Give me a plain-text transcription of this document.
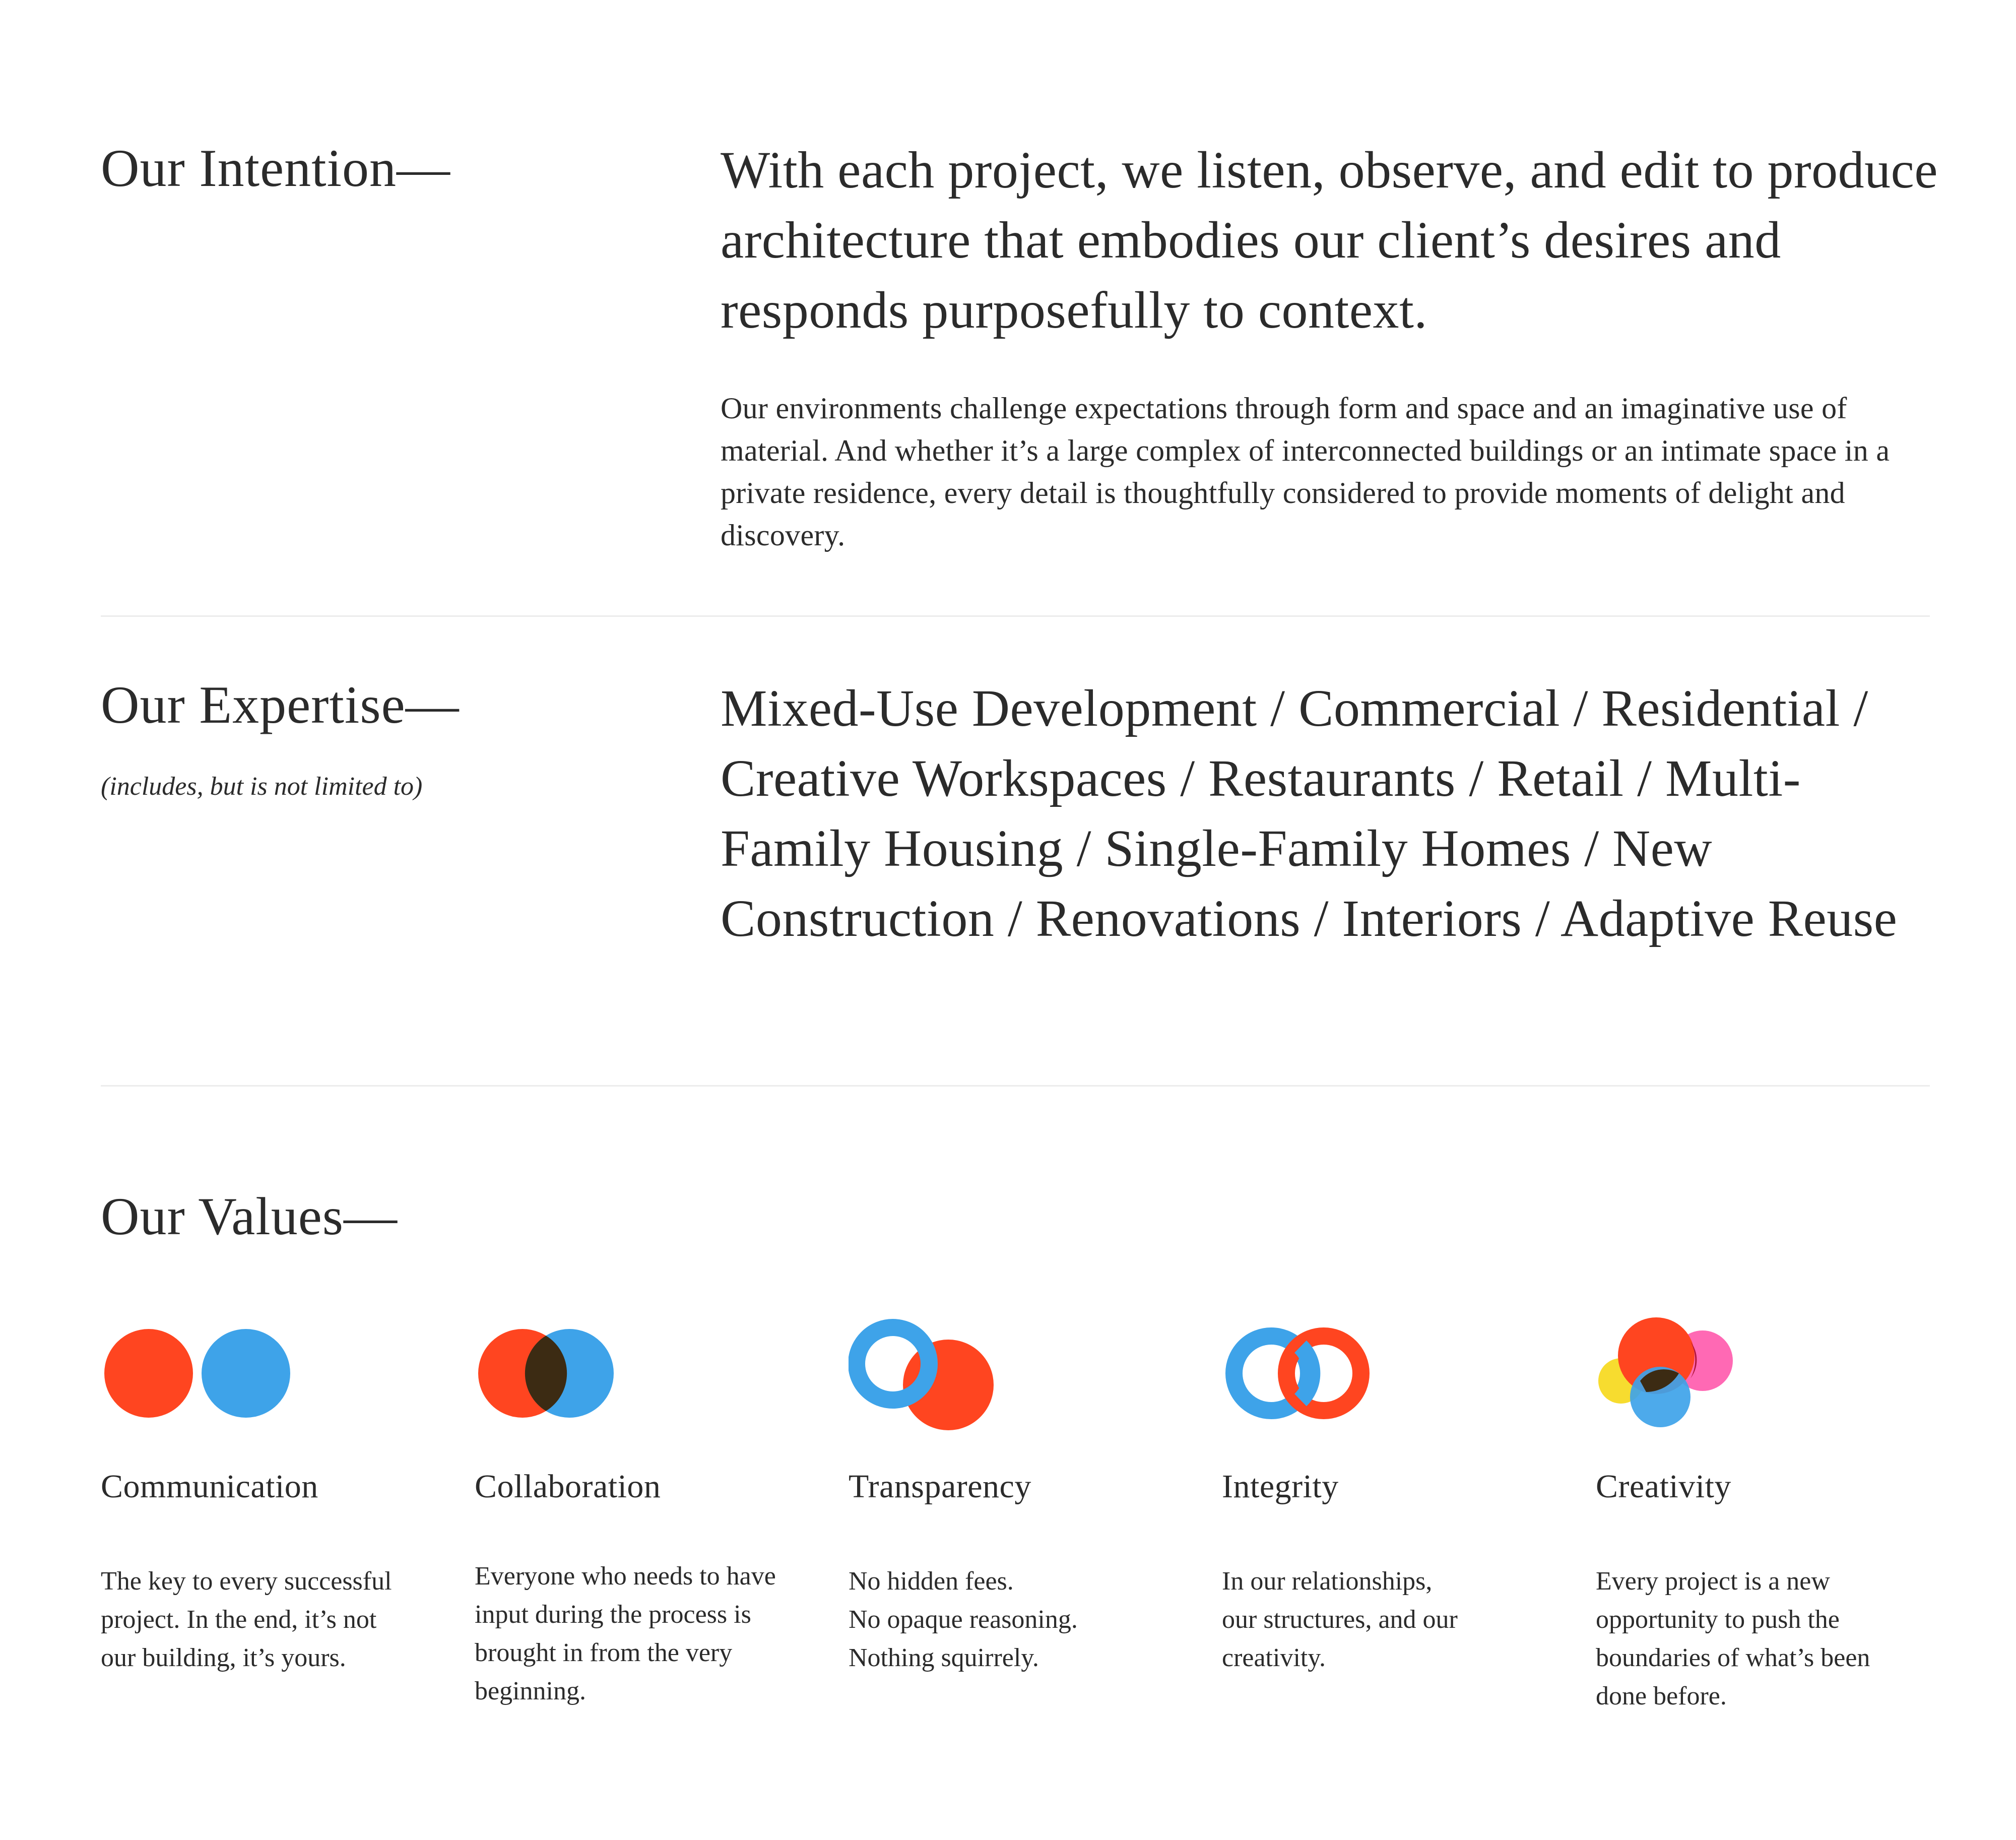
Our Intention—	With each project, we listen, observe, and edit to produce architecture that embodies our client’s desires and responds purposefully to context.

Our environments challenge expectations through form and space and an imaginative use of material. And whether it’s a large complex of interconnected buildings or an intimate space in a private residence, every detail is thoughtfully considered to provide moments of delight and discovery.

Our Expertise—
(includes, but is not limited to)

Mixed-Use Development / Commercial / Residential / Creative Workspaces / Restaurants / Retail / Multi-Family Housing / Single-Family Homes / New Construction / Renovations / Interiors / Adaptive Reuse

Our Values—
Communication

The key to every successful
project. In the end, it’s not
our building, it’s yours.

Collaboration

Everyone who needs to have
input during the process is
brought in from the very
beginning.

Transparency

No hidden fees.
No opaque reasoning.
Nothing squirrely.

Integrity

In our relationships,
our structures, and our
creativity.

Creativity

Every project is a new
opportunity to push the
boundaries of what’s been
done before.
